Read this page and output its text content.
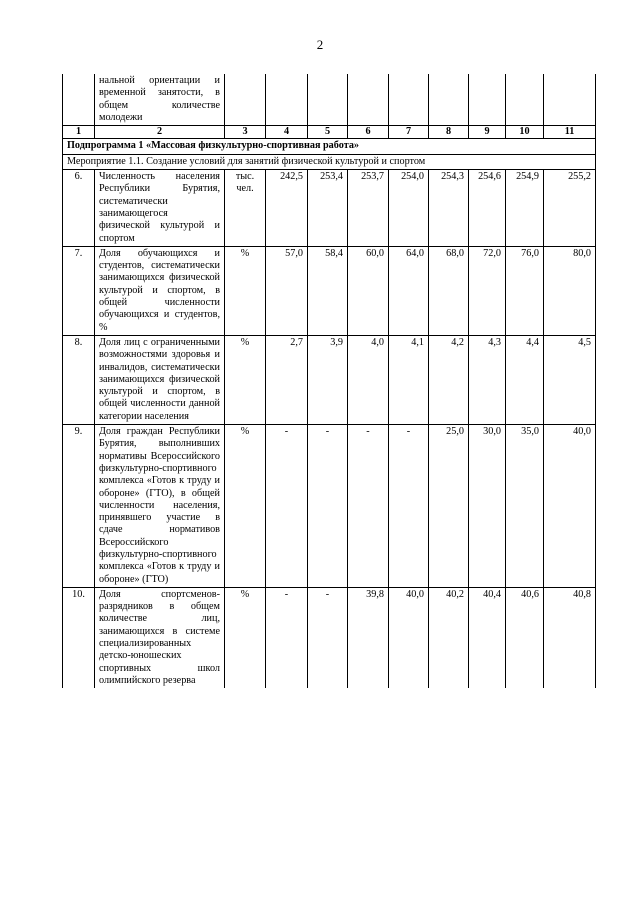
2
	нальной ориентации и временной занятости, в общем количестве молодежи									
1	2	3	4	5	6	7	8	9	10	11
Подпрограмма 1 «Массовая физкультурно-спортивная работа»										
Мероприятие 1.1. Создание условий для занятий физической культурой и спортом										
6.	Численность населения Республики Бурятия, систематически занимающегося физической культурой и спортом	тыс. чел.	242,5	253,4	253,7	254,0	254,3	254,6	254,9	255,2
7.	Доля обучающихся и студентов, систематически занимающихся физической культурой и спортом, в общей численности обучающихся и студентов, %	%	57,0	58,4	60,0	64,0	68,0	72,0	76,0	80,0
8.	Доля лиц с ограниченными возможностями здоровья и инвалидов, систематически занимающихся физической культурой и спортом, в общей численности данной категории населения	%	2,7	3,9	4,0	4,1	4,2	4,3	4,4	4,5
9.	Доля граждан Республики Бурятия, выполнивших нормативы Всероссийского физкультурно-спортивного комплекса «Готов к труду и обороне» (ГТО), в общей численности населения, принявшего участие в сдаче нормативов Всероссийского физкультурно-спортивного комплекса «Готов к труду и обороне» (ГТО)	%	-	-	-	-	25,0	30,0	35,0	40,0
10.	Доля спортсменов-разрядников в общем количестве лиц, занимающихся в системе специализированных детско-юношеских спортивных школ олимпийского резерва	%	-	-	39,8	40,0	40,2	40,4	40,6	40,8
